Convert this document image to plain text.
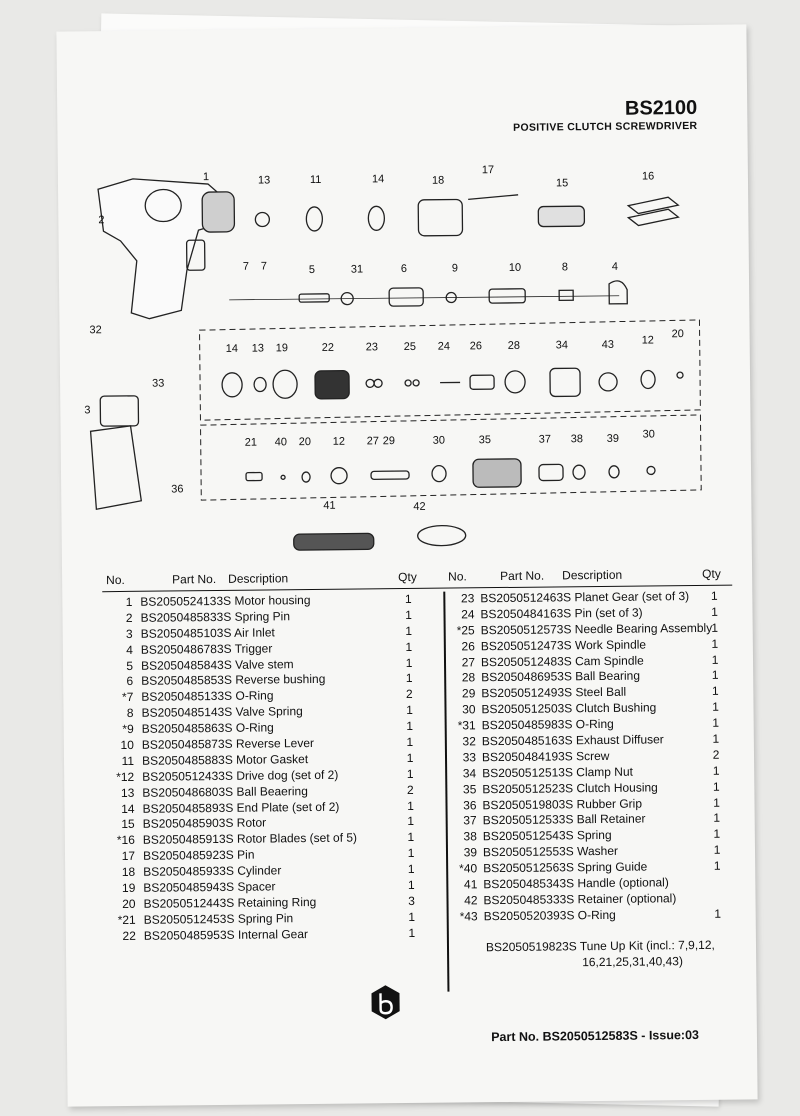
BS2100
POSITIVE CLUTCH SCREWDRIVER
1	13	11	14	18
17
15
16
2
7 7	5	31	6	9	10	8	4
32
14 13 19	22	23 25 24 26 28	34	43	12
20
33
3
21 40 20 12 27 29	30	35	37 38 39 30
36
41	42
No.	Part No. Description	Qty	No.	Part No. Description	Qty
1 BS2050524133S Motor housing	1
2 BS2050485833S Spring Pin	1
3 BS2050485103S Air Inlet	1
4 BS2050486783S Trigger	1
5 BS2050485843S Valve stem	1
6 BS2050485853S Reverse bushing	1
*7 BS2050485133S O-Ring	2
8 BS2050485143S Valve Spring	1
*9 BS2050485863S O-Ring	1
10 BS2050485873S Reverse Lever	1
11 BS2050485883S Motor Gasket	1
*12 BS2050512433S Drive dog (set of 2)	1
13 BS2050486803S Ball Beaering	2
14 BS2050485893S End Plate (set of 2)	1
15 BS2050485903S Rotor	1
*16 BS2050485913S Rotor Blades (set of 5)	1
17 BS2050485923S Pin	1
18 BS2050485933S Cylinder	1
19 BS2050485943S Spacer	1
20 BS2050512443S Retaining Ring	3
*21 BS2050512453S Spring Pin	1
22 BS2050485953S Internal Gear	1
23 BS2050512463S Planet Gear (set of 3)	1
24 BS2050484163S Pin (set of 3)	1
*25 BS2050512573S Needle Bearing Assembly 1
26 BS2050512473S Work Spindle	1
27 BS2050512483S Cam Spindle	1
28 BS2050486953S Ball Bearing	1
29 BS2050512493S Steel Ball	1
30 BS2050512503S Clutch Bushing	1
*31 BS2050485983S O-Ring	1
32 BS2050485163S Exhaust Diffuser	1
33 BS2050484193S Screw	2
34 BS2050512513S Clamp Nut	1
35 BS2050512523S Clutch Housing	1
36 BS2050519803S Rubber Grip	1
37 BS2050512533S Ball Retainer	1
38 BS2050512543S Spring	1
39 BS2050512553S Washer	1
*40 BS2050512563S Spring Guide	1
41 BS2050485343S Handle (optional)
42 BS2050485333S Retainer (optional)
*43 BS2050520393S O-Ring	1
BS2050519823S Tune Up Kit (incl.: 7,9,12,
16,21,25,31,40,43)
Part No. BS2050512583S - Issue:03
